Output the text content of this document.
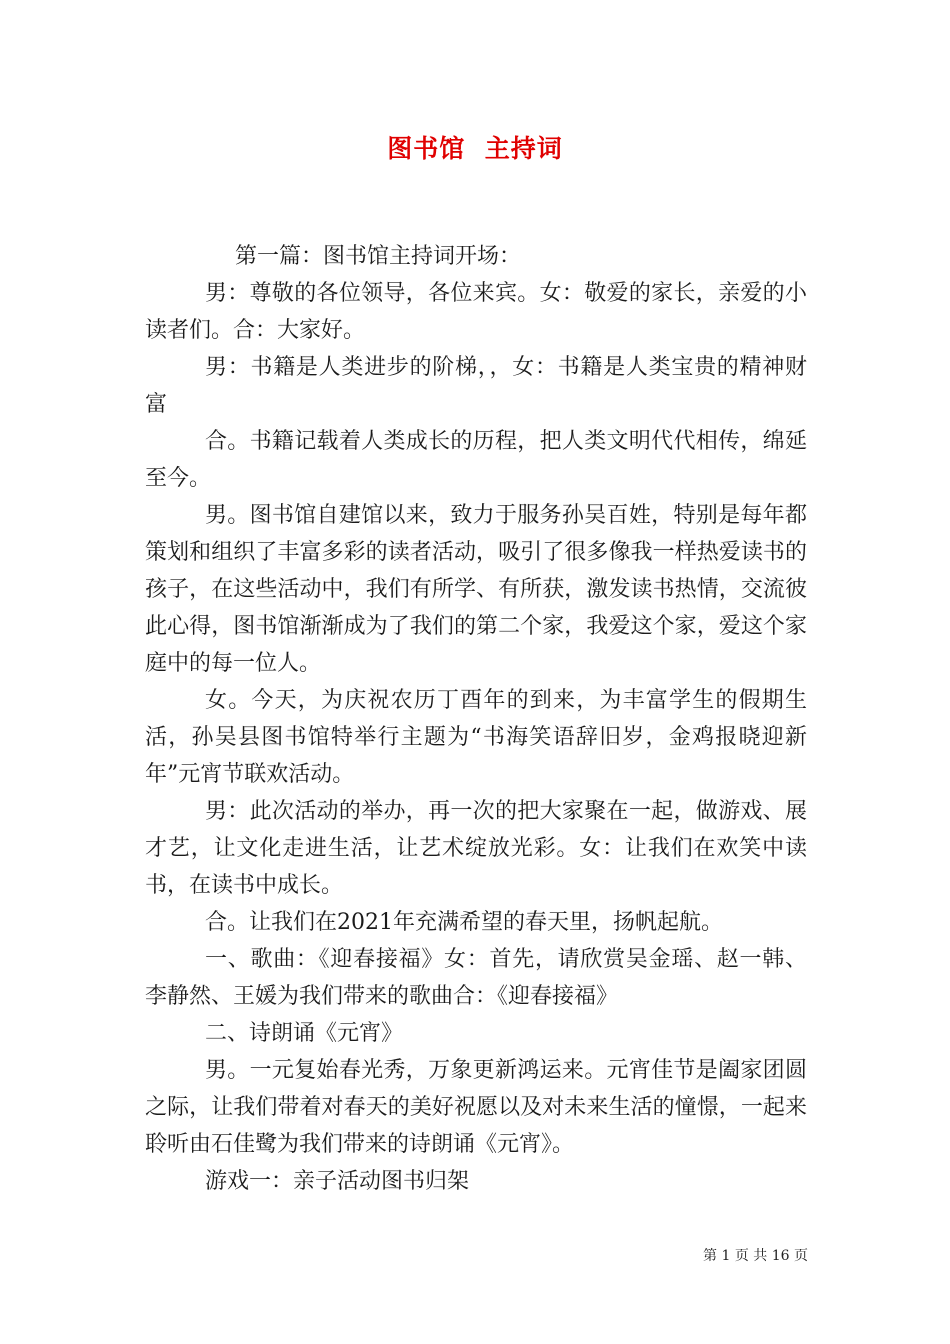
图书馆  主持词

第一篇：图书馆主持词开场：

男：尊敬的各位领导，各位来宾。女：敬爱的家长，亲爱的小读者们。合：大家好。

男：书籍是人类进步的阶梯，，女：书籍是人类宝贵的精神财富

合。书籍记载着人类成长的历程，把人类文明代代相传，绵延至今。

男。图书馆自建馆以来，致力于服务孙吴百姓，特别是每年都策划和组织了丰富多彩的读者活动，吸引了很多像我一样热爱读书的孩子，在这些活动中，我们有所学、有所获，激发读书热情，交流彼此心得，图书馆渐渐成为了我们的第二个家，我爱这个家，爱这个家庭中的每一位人。

女。今天，为庆祝农历丁酉年的到来，为丰富学生的假期生活，孙吴县图书馆特举行主题为“书海笑语辞旧岁，金鸡报晓迎新年”元宵节联欢活动。

男：此次活动的举办，再一次的把大家聚在一起，做游戏、展才艺，让文化走进生活，让艺术绽放光彩。女：让我们在欢笑中读书，在读书中成长。

合。让我们在2021年充满希望的春天里，扬帆起航。

一、歌曲：《迎春接福》女：首先，请欣赏吴金瑶、赵一韩、李静然、王媛为我们带来的歌曲合：《迎春接福》

二、诗朗诵《元宵》

男。一元复始春光秀，万象更新鸿运来。元宵佳节是阖家团圆之际，让我们带着对春天的美好祝愿以及对未来生活的憧憬，一起来聆听由石佳鹭为我们带来的诗朗诵《元宵》。

游戏一：亲子活动图书归架

第 1 页 共 16 页
